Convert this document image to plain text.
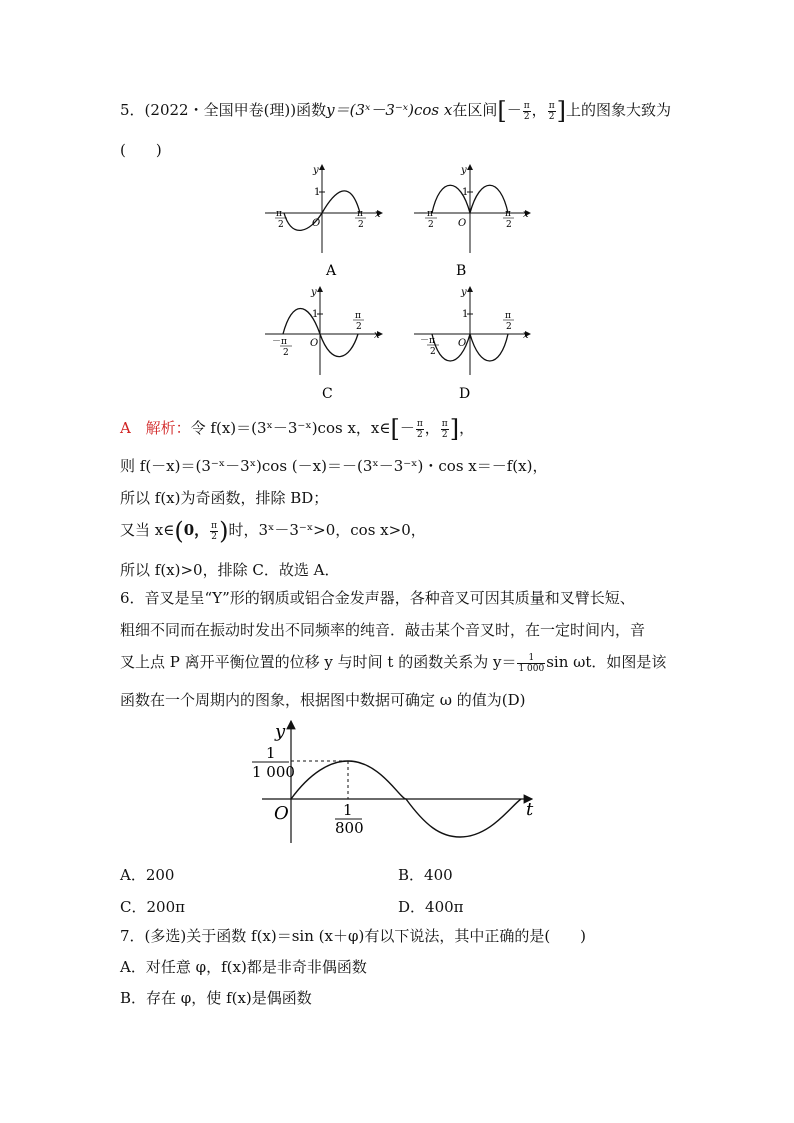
5．(2022・全国甲卷(理))函数y＝(3ˣ－3⁻ˣ)cos x在区间[－ $\frac{\pi}{2}$ ， $\frac{\pi}{2}$ ]上的图象大致为
(　　)
y
x
1
O
－π
2
π
2
y
x
1
O
－π
2
π
2
A	B
y
x
1
O
－π
2
π
2
y
x
1
O
－π
2
π
2
C	D
A 解析：令 f(x)＝(3ˣ－3⁻ˣ)cos x，x∈[－ $\frac{\pi}{2}$ ， $\frac{\pi}{2}$ ]，
则 f(－x)＝(3⁻ˣ－3ˣ)cos (－x)＝－(3ˣ－3⁻ˣ)・cos x＝－f(x)，
所以 f(x)为奇函数，排除 BD；
又当 x∈(0， $\frac{\pi}{2}$ )时，3ˣ－3⁻ˣ>0，cos x>0，
所以 f(x)>0，排除 C．故选 A．
6．音叉是呈“Y”形的钢质或铝合金发声器，各种音叉可因其质量和叉臂长短、
粗细不同而在振动时发出不同频率的纯音．敲击某个音叉时，在一定时间内，音
叉上点 P 离开平衡位置的位移 y 与时间 t 的函数关系为 $y= \frac{1}{1 000}$ sin ωt．如图是该
函数在一个周期内的图象，根据图中数据可确定 ω 的值为(D)
y
t
O
1
1 000
1
800
A．200	B．400
C．200π	D．400π
7．(多选)关于函数 f(x)＝sin (x＋φ)有以下说法，其中正确的是(　　)
A．对任意 φ，f(x)都是非奇非偶函数
B．存在 φ，使 f(x)是偶函数
